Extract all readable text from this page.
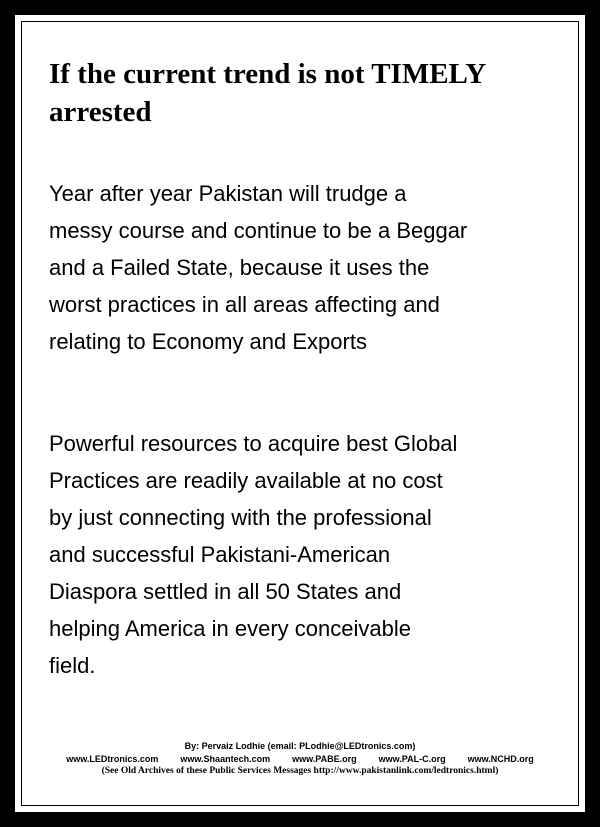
If the current trend is not TIMELY arrested
Year after year Pakistan will trudge a
messy course and continue to be a Beggar
and a Failed State, because it uses the
worst practices in all areas affecting and
relating to Economy and Exports
Powerful resources to acquire best Global
Practices are readily available at no cost
by just connecting with the professional
and successful Pakistani-American
Diaspora settled in all 50 States and
helping America in every conceivable
field.
By: Pervaiz Lodhie (email: PLodhie@LEDtronics.com)
www.LEDtronics.com www.Shaantech.com www.PABE.org www.PAL-C.org www.NCHD.org
(See Old Archives of these Public Services Messages http://www.pakistanlink.com/ledtronics.html)
